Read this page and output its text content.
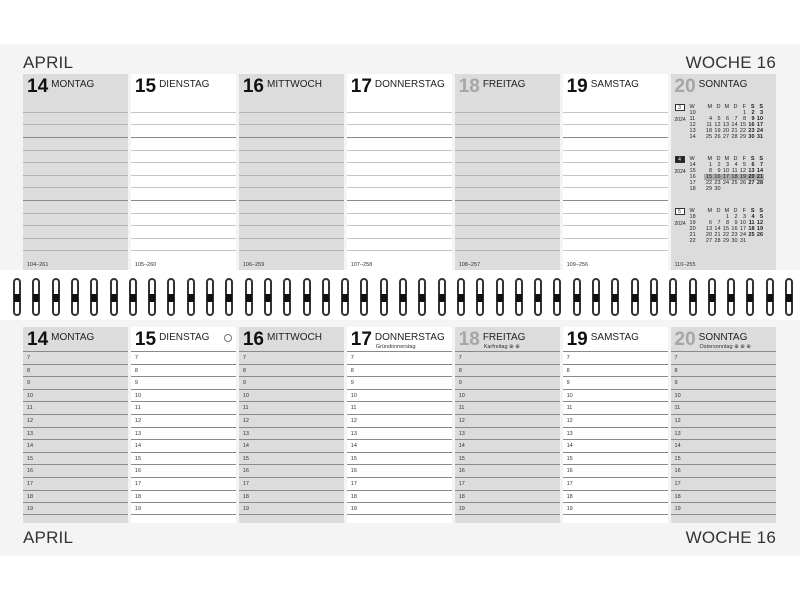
APRIL	WOCHE 16
14 MONTAG
104–261
15 DIENSTAG
105–260
16 MITTWOCH
106–259
17 DONNERSTAG
107–258
18 FREITAG
108–257
19 SAMSTAG
109–256
20 SONNTAG
3
2024
W
10
11
12
13
14
M D M D F S S
1 2 3
4 5 6 7 8 9 10
11 12 13 14 15 16 17
18 19 20 21 22 23 24
25 26 27 28 29 30 31
4
2024
W
14
15
16
17
18
M D M D F S S
1 2 3 4 5 6 7
8 9 10 11 12 13 14
15 16 17 18 19 20 21
22 23 24 25 26 27 28
29 30
5
2024
W
18
19
20
21
22
M D M D F S S
1 2 3 4 5
6 7 8 9 10 11 12
13 14 15 16 17 18 19
20 21 22 23 24 25 26
27 28 29 30 31
110–255
14 MONTAG
7
8
9
10
11
12
13
14
15
16
17
18
19
15 DIENSTAG
7
8
9
10
11
12
13
14
15
16
17
18
19
16 MITTWOCH
7
8
9
10
11
12
13
14
15
16
17
18
19
17 DONNERSTAG
Gründonnerstag
7
8
9
10
11
12
13
14
15
16
17
18
19
18 FREITAG
Karfreitag ⊕ ⊕
7
8
9
10
11
12
13
14
15
16
17
18
19
19 SAMSTAG
7
8
9
10
11
12
13
14
15
16
17
18
19
20 SONNTAG
Ostersonntag ⊕ ⊕ ⊕
7
8
9
10
11
12
13
14
15
16
17
18
19
APRIL	WOCHE 16
